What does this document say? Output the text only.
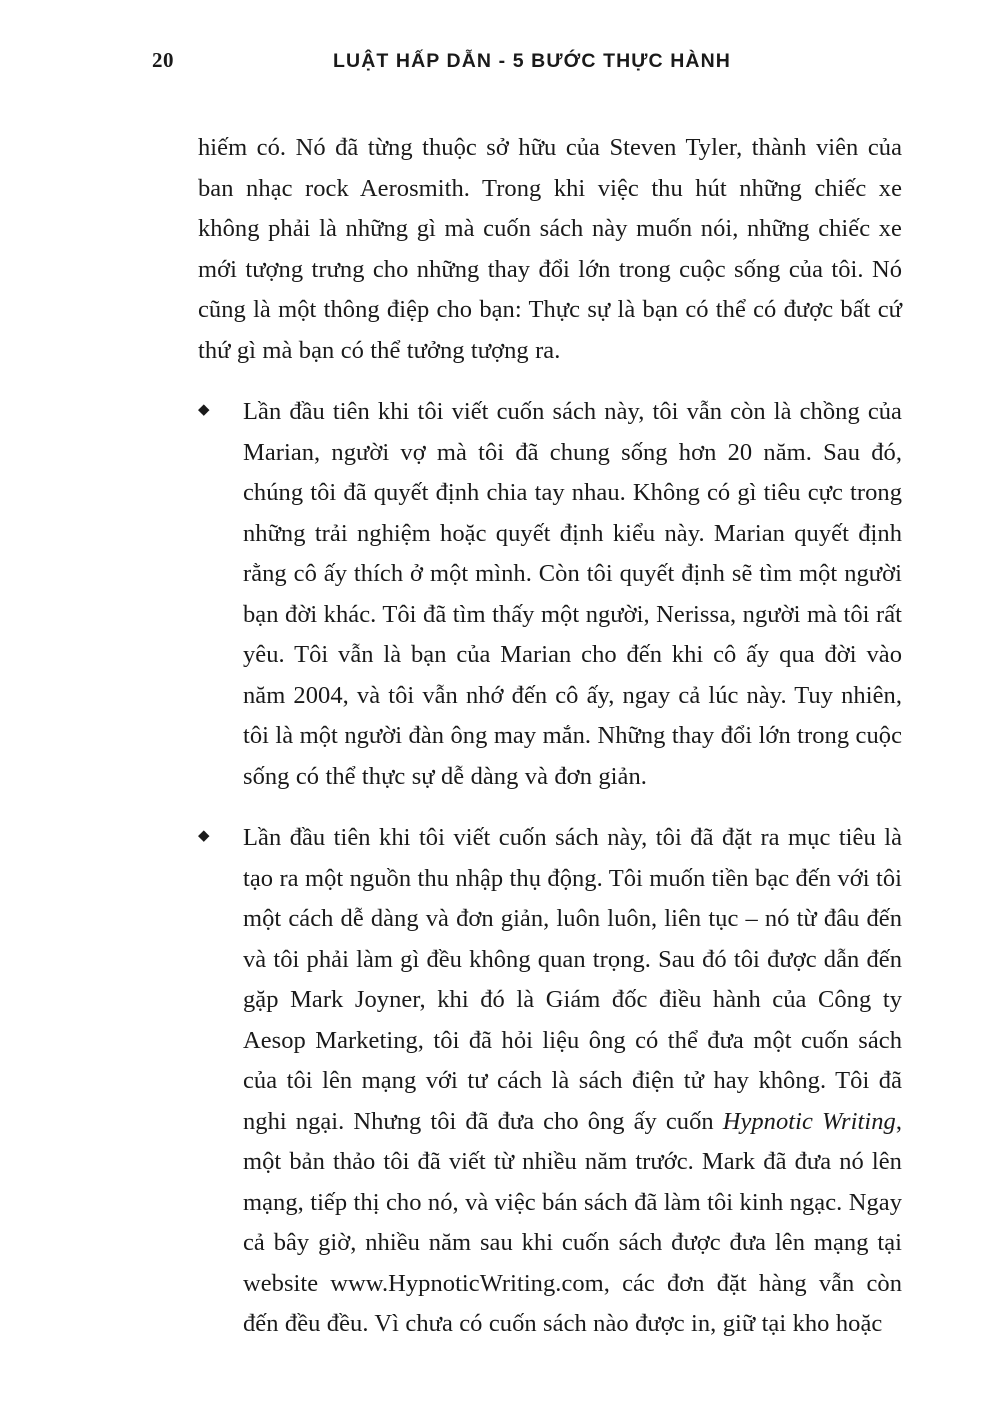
20	LUẬT HẤP DẪN - 5 BƯỚC THỰC HÀNH

hiếm có. Nó đã từng thuộc sở hữu của Steven Tyler, thành viên của ban nhạc rock Aerosmith. Trong khi việc thu hút những chiếc xe không phải là những gì mà cuốn sách này muốn nói, những chiếc xe mới tượng trưng cho những thay đổi lớn trong cuộc sống của tôi. Nó cũng là một thông điệp cho bạn: Thực sự là bạn có thể có được bất cứ thứ gì mà bạn có thể tưởng tượng ra.

◆	Lần đầu tiên khi tôi viết cuốn sách này, tôi vẫn còn là chồng của Marian, người vợ mà tôi đã chung sống hơn 20 năm. Sau đó, chúng tôi đã quyết định chia tay nhau. Không có gì tiêu cực trong những trải nghiệm hoặc quyết định kiểu này. Marian quyết định rằng cô ấy thích ở một mình. Còn tôi quyết định sẽ tìm một người bạn đời khác. Tôi đã tìm thấy một người, Nerissa, người mà tôi rất yêu. Tôi vẫn là bạn của Marian cho đến khi cô ấy qua đời vào năm 2004, và tôi vẫn nhớ đến cô ấy, ngay cả lúc này. Tuy nhiên, tôi là một người đàn ông may mắn. Những thay đổi lớn trong cuộc sống có thể thực sự dễ dàng và đơn giản.

◆	Lần đầu tiên khi tôi viết cuốn sách này, tôi đã đặt ra mục tiêu là tạo ra một nguồn thu nhập thụ động. Tôi muốn tiền bạc đến với tôi một cách dễ dàng và đơn giản, luôn luôn, liên tục – nó từ đâu đến và tôi phải làm gì đều không quan trọng. Sau đó tôi được dẫn đến gặp Mark Joyner, khi đó là Giám đốc điều hành của Công ty Aesop Marketing, tôi đã hỏi liệu ông có thể đưa một cuốn sách của tôi lên mạng với tư cách là sách điện tử hay không. Tôi đã nghi ngại. Nhưng tôi đã đưa cho ông ấy cuốn Hypnotic Writing, một bản thảo tôi đã viết từ nhiều năm trước. Mark đã đưa nó lên mạng, tiếp thị cho nó, và việc bán sách đã làm tôi kinh ngạc. Ngay cả bây giờ, nhiều năm sau khi cuốn sách được đưa lên mạng tại website www.HypnoticWriting.com, các đơn đặt hàng vẫn còn đến đều đều. Vì chưa có cuốn sách nào được in, giữ tại kho hoặc
